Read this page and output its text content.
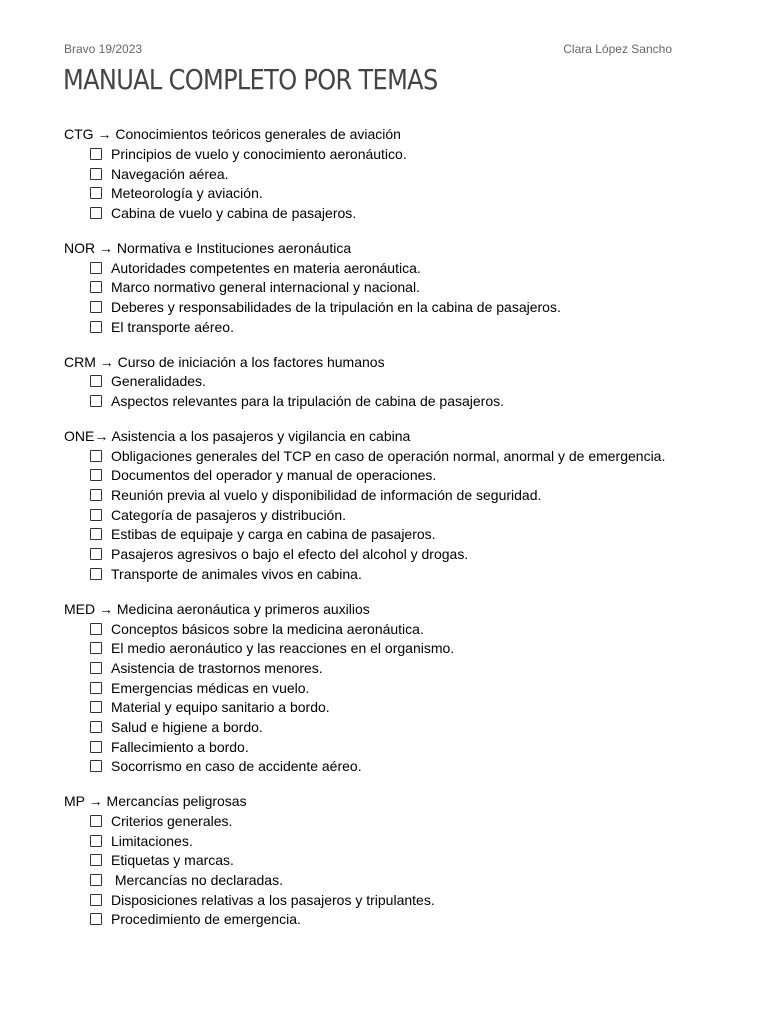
Bravo 19/2023	Clara López Sancho
MANUAL COMPLETO POR TEMAS
CTG → Conocimientos teóricos generales de aviación
Principios de vuelo y conocimiento aeronáutico.
Navegación aérea.
Meteorología y aviación.
Cabina de vuelo y cabina de pasajeros.
NOR → Normativa e Instituciones aeronáutica
Autoridades competentes en materia aeronáutica.
Marco normativo general internacional y nacional.
Deberes y responsabilidades de la tripulación en la cabina de pasajeros.
El transporte aéreo.
CRM → Curso de iniciación a los factores humanos
Generalidades.
Aspectos relevantes para la tripulación de cabina de pasajeros.
ONE→ Asistencia a los pasajeros y vigilancia en cabina
Obligaciones generales del TCP en caso de operación normal, anormal y de emergencia.
Documentos del operador y manual de operaciones.
Reunión previa al vuelo y disponibilidad de información de seguridad.
Categoría de pasajeros y distribución.
Estibas de equipaje y carga en cabina de pasajeros.
Pasajeros agresivos o bajo el efecto del alcohol y drogas.
Transporte de animales vivos en cabina.
MED → Medicina aeronáutica y primeros auxilios
Conceptos básicos sobre la medicina aeronáutica.
El medio aeronáutico y las reacciones en el organismo.
Asistencia de trastornos menores.
Emergencias médicas en vuelo.
Material y equipo sanitario a bordo.
Salud e higiene a bordo.
Fallecimiento a bordo.
Socorrismo en caso de accidente aéreo.
MP → Mercancías peligrosas
Criterios generales.
Limitaciones.
Etiquetas y marcas.
Mercancías no declaradas.
Disposiciones relativas a los pasajeros y tripulantes.
Procedimiento de emergencia.
